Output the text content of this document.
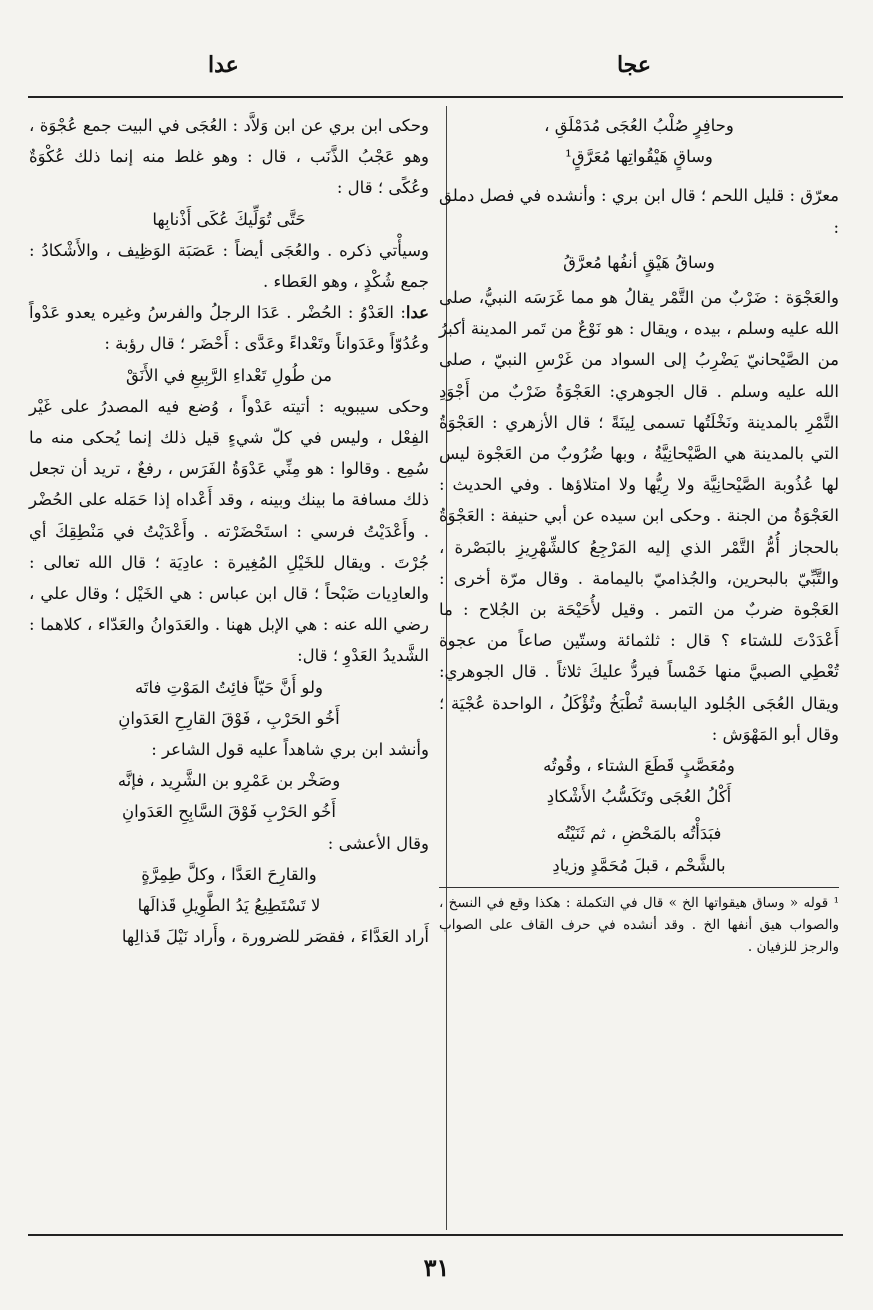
عجا
عدا

وحافِرٍ صُلْبُ العُجَى مُدَمْلَقِ ،

وساقٍ هَيْقُواتِها مُعَرَّقٍ¹

معرّق : قليل اللحم ؛ قال ابن بري : وأنشده في فصل دملق :

وساقُ هَيْقٍ أنفُها مُعرَّقُ

والعَجْوَة : ضَرْبٌ من التَّمْر يقالُ هو مما غَرَسَه النبيُّ، صلى الله عليه وسلم ، بيده ، ويقال : هو نَوْعٌ من تَمر المدينة أكبرُ من الصَّيْحانيّ يَضْرِبُ إلى السواد من غَرْسِ النبيّ ، صلى الله عليه وسلم . قال الجوهري: العَجْوَةُ ضَرْبٌ من أَجْوَدِ التَّمْرِ بالمدينة ونَخْلَتُها تسمى لِينَةً ؛ قال الأزهري : العَجْوَةُ التي بالمدينة هي الصَّيْحانِيَّةُ ، وبها ضُرُوبٌ من العَجْوة ليس لها عُذُوبة الصَّيْحانِيَّة ولا رِيُّها ولا امتلاؤها . وفي الحديث : العَجْوَةُ من الجنة . وحكى ابن سيده عن أبي حنيفة : العَجْوَةُ بالحجاز أُمُّ التَّمْر الذي إليه المَرْجِعُ كالشِّهْرِيزِ بالبَصْرة ، والتَّبِّيّ بالبحرين، والجُذاميّ باليمامة . وقال مرّة أخرى : العَجْوة ضربٌ من التمر . وقيل لأُحَيْحَة بن الجُلاح : ما أَعْدَدْتَ للشتاء ؟ قال : ثلثمائة وستّين صاعاً من عجوة تُعْطِي الصبيَّ منها خَمْساً فيردُّ عليكَ ثلاثاً . قال الجوهري: ويقال العُجَى الجُلود اليابسة تُطْبَخُ وتُؤْكَلُ ، الواحدة عُجْيَة ؛ وقال أبو المَهْوَش :

ومُعَصَّبٍ قَطَعَ الشتاء ، وقُوتُه

أَكْلُ العُجَى وتَكَسُّبُ الأَشْكادِ

فبَدَأْتُه بالمَحْضِ ، ثم ثَنَيْتُه

بالشَّحْم ، قبلَ مُحَمَّدٍ وزيادِ

¹ قوله « وساق هيقواتها الخ » قال في التكملة : هكذا وقع في النسخ ، والصواب هيق أنفها الخ . وقد أنشده في حرف القاف على الصواب والرجز للزفيان .

وحكى ابن بري عن ابن وَلاَّد : العُجَى في البيت جمع عُجْوَة ، وهو عَجْبُ الذَّنَب ، قال : وهو غلط منه إنما ذلك عُكْوَةٌ وعُكًى ؛ قال :

حَتَّى تُوَلِّيكَ عُكَى أَذْنابِها

وسيأْتي ذكره . والعُجَى أيضاً : عَصَبَة الوَظِيف ، والأَشْكادُ : جمع شُكْدٍ ، وهو العَطاء .

عدا: العَدْوُ : الحُضْر . عَدَا الرجلُ والفرسُ وغيره يعدو عَدْواً وعُدُوّاً وعَدَواناً وتَعْداءً وعَدَّى : أَحْضَر ؛ قال رؤبة :

من طُولِ تَعْداءِ الرَّبِيعِ في الأَنَقْ

وحكى سيبويه : أتيته عَدْواً ، وُضع فيه المصدرُ على غَيْر الفِعْل ، وليس في كلّ شيءٍ قيل ذلك إنما يُحكى منه ما سُمِع . وقالوا : هو مِنِّي عَدْوَةُ الفَرَس ، رفعٌ ، تريد أن تجعل ذلك مسافة ما بينك وبينه ، وقد أَعْداه إذا حَمَله على الحُضْر . وأَعْدَيْتُ فرسي : استَحْضَرْته . وأَعْدَيْتُ في مَنْطِقِكَ أي جُرْتَ . ويقال للخَيْلِ المُغِيرة : عادِيَة ؛ قال الله تعالى : والعادِيات ضَبْحاً ؛ قال ابن عباس : هي الخَيْل ؛ وقال علي ، رضي الله عنه : هي الإبل ههنا . والعَدَوانُ والعَدّاء ، كلاهما : الشَّديدُ العَدْوِ ؛ قال:

ولو أَنَّ حَيّاً فائِتُ المَوْتِ فاتَه

أَخُو الحَرْبِ ، فَوْقَ القارِحِ العَدَوانِ

وأنشد ابن بري شاهداً عليه قول الشاعر :

وصَخْر بن عَمْرِو بن الشَّرِيد ، فإنَّه

أَخُو الحَرْبِ فَوْقَ السَّابِحِ العَدَوانِ

وقال الأعشى :

والقارِحَ العَدَّا ، وكلَّ طِمِرَّةٍ

لا تَسْتَطِيعُ يَدُ الطَّوِيلِ قَذالَها

أَراد العَدَّاءَ ، فقصَر للضرورة ، وأَراد نَيْلَ قَذالِها

٣١
